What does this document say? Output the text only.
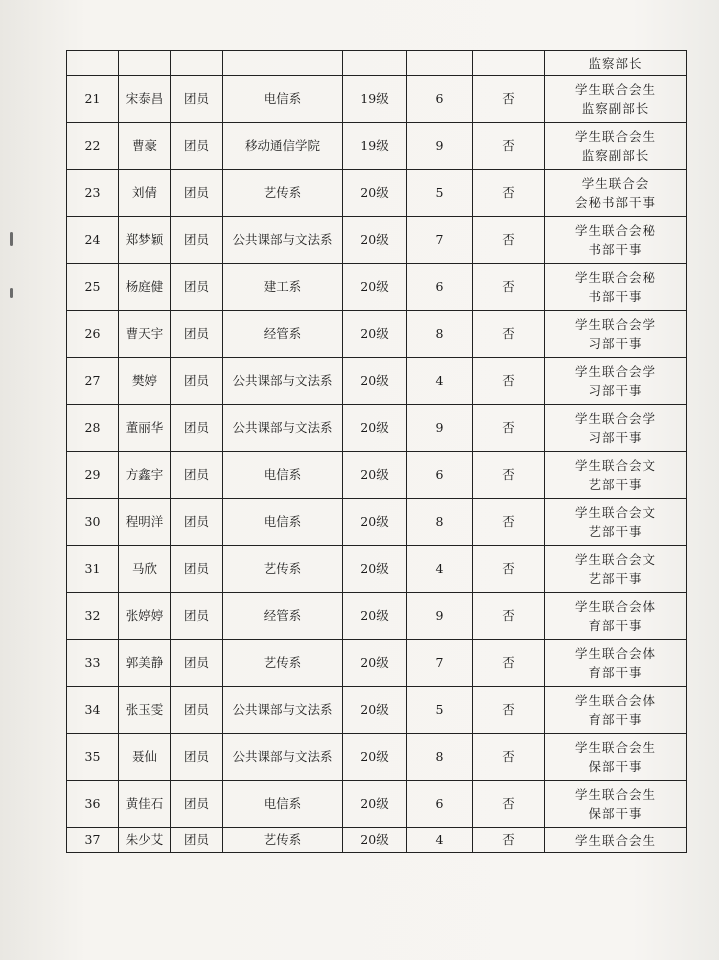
							监察部长

21	宋泰昌	团员	电信系	19级	6	否	学生联合会生
监察副部长

22	曹豪	团员	移动通信学院	19级	9	否	学生联合会生
监察副部长

23	刘倩	团员	艺传系	20级	5	否	学生联合会
会秘书部干事

24	郑梦颖	团员	公共课部与文法系	20级	7	否	学生联合会秘
书部干事

25	杨庭健	团员	建工系	20级	6	否	学生联合会秘
书部干事

26	曹天宇	团员	经管系	20级	8	否	学生联合会学
习部干事

27	樊婷	团员	公共课部与文法系	20级	4	否	学生联合会学
习部干事

28	董丽华	团员	公共课部与文法系	20级	9	否	学生联合会学
习部干事

29	方鑫宇	团员	电信系	20级	6	否	学生联合会文
艺部干事

30	程明洋	团员	电信系	20级	8	否	学生联合会文
艺部干事

31	马欣	团员	艺传系	20级	4	否	学生联合会文
艺部干事

32	张婷婷	团员	经管系	20级	9	否	学生联合会体
育部干事

33	郭美静	团员	艺传系	20级	7	否	学生联合会体
育部干事

34	张玉雯	团员	公共课部与文法系	20级	5	否	学生联合会体
育部干事

35	聂仙	团员	公共课部与文法系	20级	8	否	学生联合会生
保部干事

36	黄佳石	团员	电信系	20级	6	否	学生联合会生
保部干事

37	朱少艾	团员	艺传系	20级	4	否	学生联合会生
